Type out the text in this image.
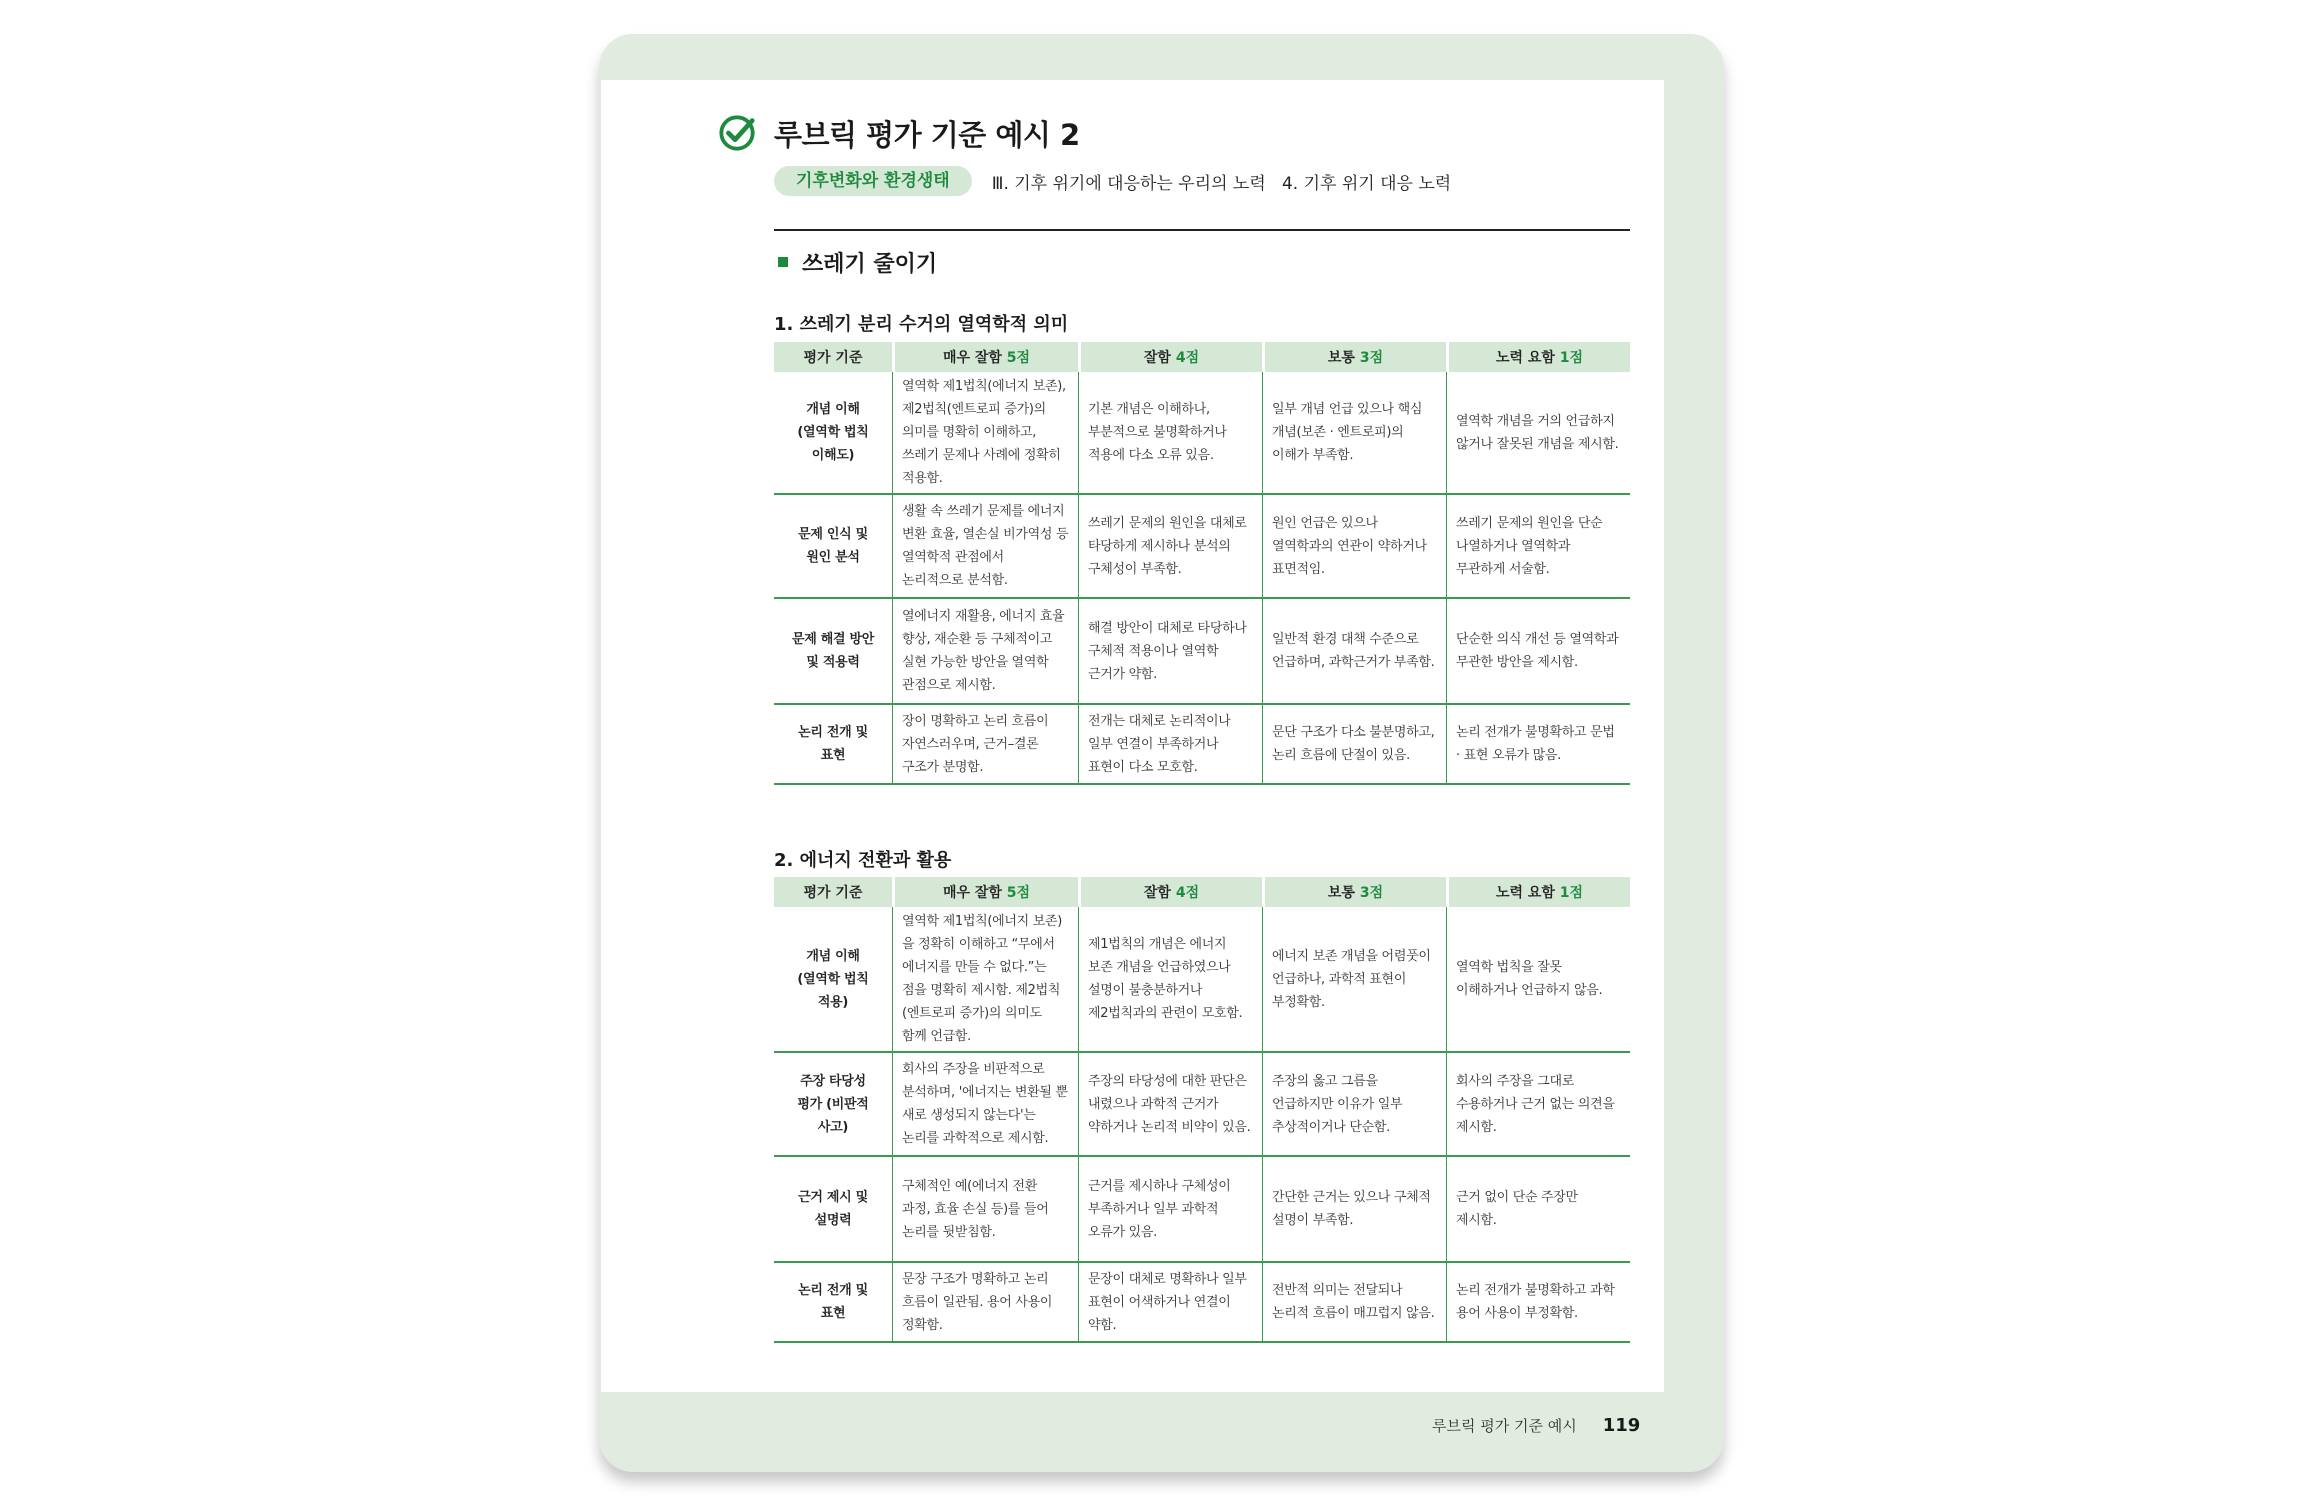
루브릭 평가 기준 예시 2
기후변화와 환경생태	Ⅲ. 기후 위기에 대응하는 우리의 노력   4. 기후 위기 대응 노력
쓰레기 줄이기
1. 쓰레기 분리 수거의 열역학적 의미
평가 기준	매우 잘함 5점	잘함 4점	보통 3점	노력 요함 1점
개념 이해
(열역학 법칙
이해도)	열역학 제1법칙(에너지 보존), 제2법칙(엔트로피 증가)의 의미를 명확히 이해하고, 쓰레기 문제나 사례에 정확히 적용함.	기본 개념은 이해하나, 부분적으로 불명확하거나 적용에 다소 오류 있음.	일부 개념 언급 있으나 핵심 개념(보존 · 엔트로피)의 이해가 부족함.	열역학 개념을 거의 언급하지 않거나 잘못된 개념을 제시함.
문제 인식 및
원인 분석	생활 속 쓰레기 문제를 에너지 변환 효율, 열손실 비가역성 등 열역학적 관점에서 논리적으로 분석함.	쓰레기 문제의 원인을 대체로 타당하게 제시하나 분석의 구체성이 부족함.	원인 언급은 있으나 열역학과의 연관이 약하거나 표면적임.	쓰레기 문제의 원인을 단순 나열하거나 열역학과 무관하게 서술함.
문제 해결 방안
및 적용력	열에너지 재활용, 에너지 효율 향상, 재순환 등 구체적이고 실현 가능한 방안을 열역학 관점으로 제시함.	해결 방안이 대체로 타당하나 구체적 적용이나 열역학 근거가 약함.	일반적 환경 대책 수준으로 언급하며, 과학근거가 부족함.	단순한 의식 개선 등 열역학과 무관한 방안을 제시함.
논리 전개 및
표현	장이 명확하고 논리 흐름이 자연스러우며, 근거–결론 구조가 분명함.	전개는 대체로 논리적이나 일부 연결이 부족하거나 표현이 다소 모호함.	문단 구조가 다소 불분명하고, 논리 흐름에 단절이 있음.	논리 전개가 불명확하고 문법 · 표현 오류가 많음.
2. 에너지 전환과 활용
평가 기준	매우 잘함 5점	잘함 4점	보통 3점	노력 요함 1점
개념 이해
(열역학 법칙
적용)	열역학 제1법칙(에너지 보존)을 정확히 이해하고 “무에서 에너지를 만들 수 없다.”는 점을 명확히 제시함. 제2법칙(엔트로피 증가)의 의미도 함께 언급함.	제1법칙의 개념은 에너지 보존 개념을 언급하였으나 설명이 불충분하거나 제2법칙과의 관련이 모호함.	에너지 보존 개념을 어렴풋이 언급하나, 과학적 표현이 부정확함.	열역학 법칙을 잘못 이해하거나 언급하지 않음.
주장 타당성
평가 (비판적
사고)	회사의 주장을 비판적으로 분석하며, '에너지는 변환될 뿐 새로 생성되지 않는다'는 논리를 과학적으로 제시함.	주장의 타당성에 대한 판단은 내렸으나 과학적 근거가 약하거나 논리적 비약이 있음.	주장의 옳고 그름을 언급하지만 이유가 일부 추상적이거나 단순함.	회사의 주장을 그대로 수용하거나 근거 없는 의견을 제시함.
근거 제시 및
설명력	구체적인 예(에너지 전환 과정, 효율 손실 등)를 들어 논리를 뒷받침함.	근거를 제시하나 구체성이 부족하거나 일부 과학적 오류가 있음.	간단한 근거는 있으나 구체적 설명이 부족함.	근거 없이 단순 주장만 제시함.
논리 전개 및
표현	문장 구조가 명확하고 논리 흐름이 일관됨. 용어 사용이 정확함.	문장이 대체로 명확하나 일부 표현이 어색하거나 연결이 약함.	전반적 의미는 전달되나 논리적 흐름이 매끄럽지 않음.	논리 전개가 불명확하고 과학 용어 사용이 부정확함.
루브릭 평가 기준 예시 119
